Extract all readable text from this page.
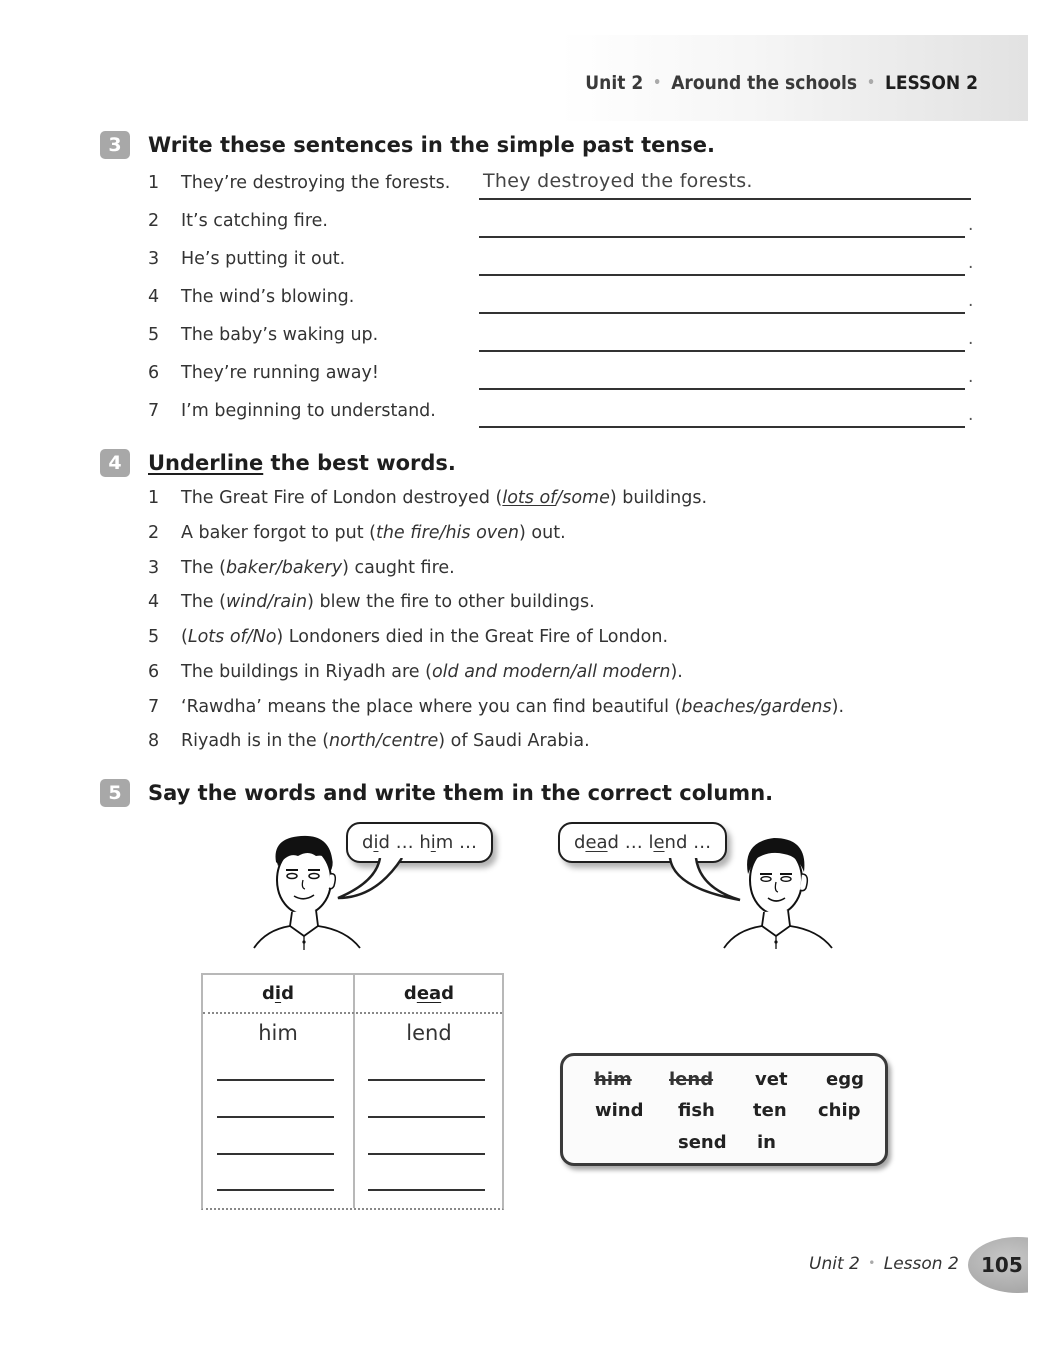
Unit 2 • Around the schools • LESSON 2
3	Write these sentences in the simple past tense.
1 They’re destroying the forests. They destroyed the forests.
2 It’s catching fire.	.
3 He’s putting it out.	.
4 The wind’s blowing.	.
5 The baby’s waking up.	.
6 They’re running away!	.
7 I’m beginning to understand.	.
4	Underline the best words.
1 The Great Fire of London destroyed (lots of/some) buildings.
2 A baker forgot to put (the fire/his oven) out.
3 The (baker/bakery) caught fire.
4 The (wind/rain) blew the fire to other buildings.
5 (Lots of/No) Londoners died in the Great Fire of London.
6 The buildings in Riyadh are (old and modern/all modern).
7 ‘Rawdha’ means the place where you can find beautiful (beaches/gardens).
8 Riyadh is in the (north/centre) of Saudi Arabia.
5	Say the words and write them in the correct column.
did … him …	dead … lend …
did	dead
him	lend
him lend vet egg
wind fish ten chip
send in
Unit 2 • Lesson 2 105
